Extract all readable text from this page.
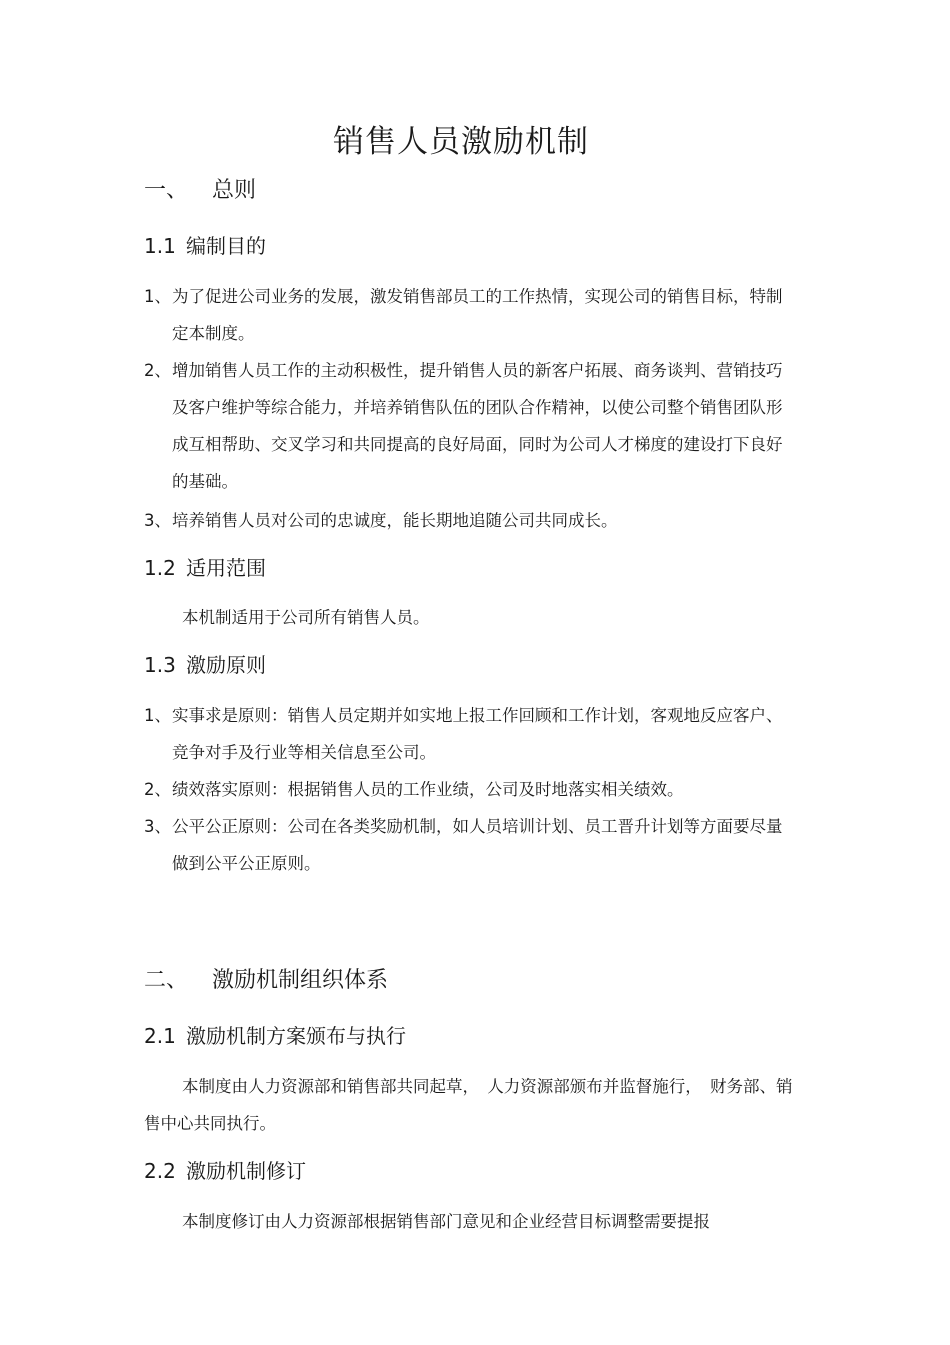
销售人员激励机制
一、 总则
1.1 编制目的
1、 为了促进公司业务的发展，激发销售部员工的工作热情，实现公司的销售目标，特制定本制度。
2、 增加销售人员工作的主动积极性，提升销售人员的新客户拓展、商务谈判、营销技巧及客户维护等综合能力，并培养销售队伍的团队合作精神，以使公司整个销售团队形成互相帮助、交叉学习和共同提高的良好局面，同时为公司人才梯度的建设打下良好的基础。
3、 培养销售人员对公司的忠诚度，能长期地追随公司共同成长。
1.2 适用范围
本机制适用于公司所有销售人员。
1.3 激励原则
1、 实事求是原则：销售人员定期并如实地上报工作回顾和工作计划，客观地反应客户、竞争对手及行业等相关信息至公司。
2、 绩效落实原则：根据销售人员的工作业绩，公司及时地落实相关绩效。
3、 公平公正原则：公司在各类奖励机制，如人员培训计划、员工晋升计划等方面要尽量做到公平公正原则。
二、 激励机制组织体系
2.1 激励机制方案颁布与执行
本制度由人力资源部和销售部共同起草，　人力资源部颁布并监督施行，　财务部、销售中心共同执行。
2.2 激励机制修订
本制度修订由人力资源部根据销售部门意见和企业经营目标调整需要提报
